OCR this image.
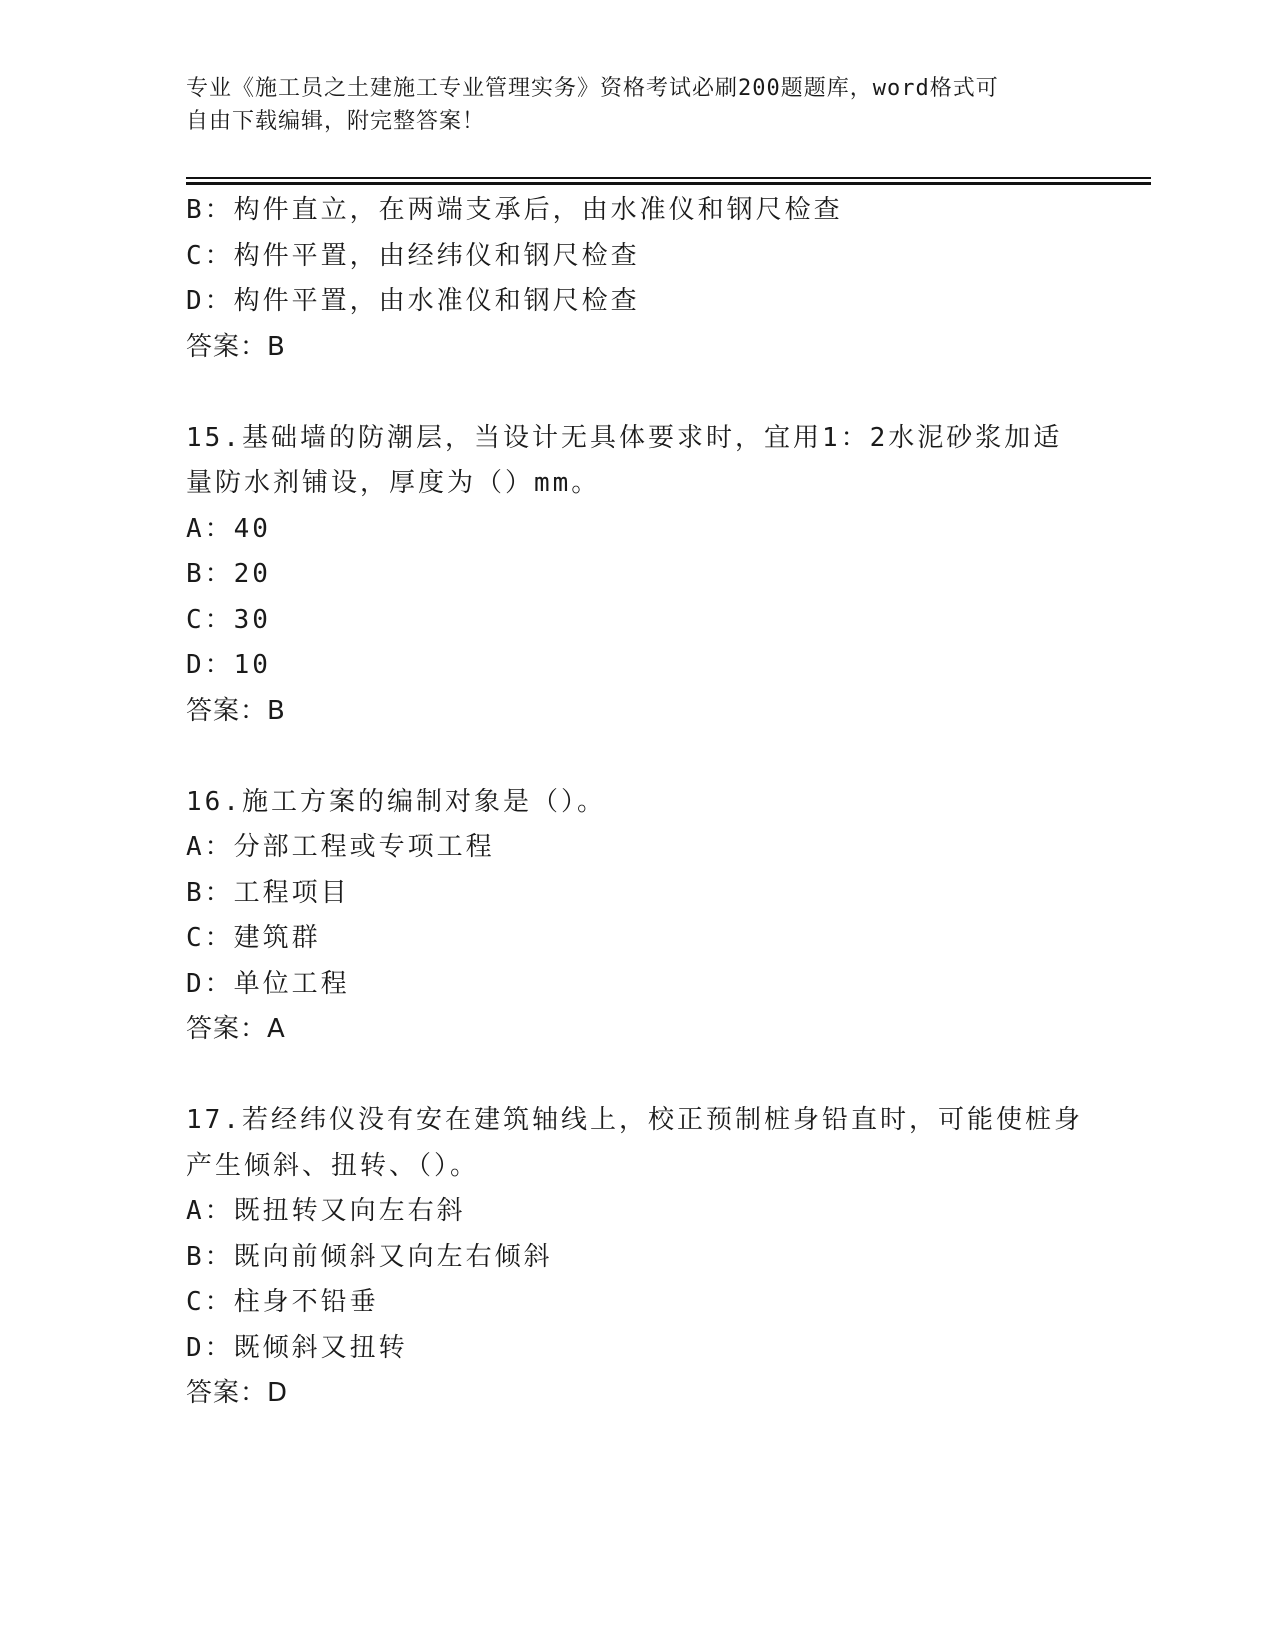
专业《施工员之土建施工专业管理实务》资格考试必刷200题题库，word格式可
自由下载编辑，附完整答案！
B：构件直立，在两端支承后，由水准仪和钢尺检查
C：构件平置，由经纬仪和钢尺检查
D：构件平置，由水准仪和钢尺检查
答案：B
15.基础墙的防潮层，当设计无具体要求时，宜用1：2水泥砂浆加适
量防水剂铺设，厚度为（）mm。
A：40
B：20
C：30
D：10
答案：B
16.施工方案的编制对象是（）。
A：分部工程或专项工程
B：工程项目
C：建筑群
D：单位工程
答案：A
17.若经纬仪没有安在建筑轴线上，校正预制桩身铅直时，可能使桩身
产生倾斜、扭转、（）。
A：既扭转又向左右斜
B：既向前倾斜又向左右倾斜
C：柱身不铅垂
D：既倾斜又扭转
答案：D
